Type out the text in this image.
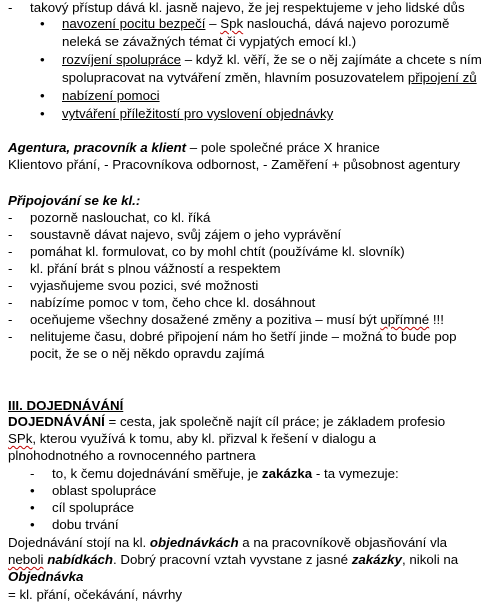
- takový přístup dává kl. jasně najevo, že jej respektujeme v jeho lidské důs
• navození pocitu bezpečí – Spk naslouchá, dává najevo porozumě
neleká se závažných témat či vypjatých emocí kl.)
• rozvíjení spolupráce – když kl. věří, že se o něj zajímáte a chcete s ním
spolupracovat na vytváření změn, hlavním posuzovatelem připojení zů
• nabízení pomoci
• vytváření příležitostí pro vyslovení objednávky
Agentura, pracovník a klient – pole společné práce X hranice
Klientovo přání, - Pracovníkova odbornost, - Zaměření + působnost agentury
Připojování se ke kl.:
- pozorně naslouchat, co kl. říká
- soustavně dávat najevo, svůj zájem o jeho vyprávění
- pomáhat kl. formulovat, co by mohl chtít (používáme kl. slovník)
- kl. přání brát s plnou vážností a respektem
- vyjasňujeme svou pozici, své možnosti
- nabízíme pomoc v tom, čeho chce kl. dosáhnout
- oceňujeme všechny dosažené změny a pozitiva – musí být upřímné !!!
- nelitujeme času, dobré připojení nám ho šetří jinde – možná to bude pop
pocit, že se o něj někdo opravdu zajímá
III. DOJEDNÁVÁNÍ
DOJEDNÁVÁNÍ = cesta, jak společně najít cíl práce; je základem profesio
SPk, kterou využívá k tomu, aby kl. přizval k řešení v dialogu a
plnohodnotného a rovnocenného partnera
- to, k čemu dojednávání směřuje, je zakázka - ta vymezuje:
• oblast spolupráce
• cíl spolupráce
• dobu trvání
Dojednávání stojí na kl. objednávkách a na pracovníkově objasňování vla
neboli nabídkách. Dobrý pracovní vztah vyvstane z jasné zakázky, nikoli na
Objednávka
= kl. přání, očekávání, návrhy
